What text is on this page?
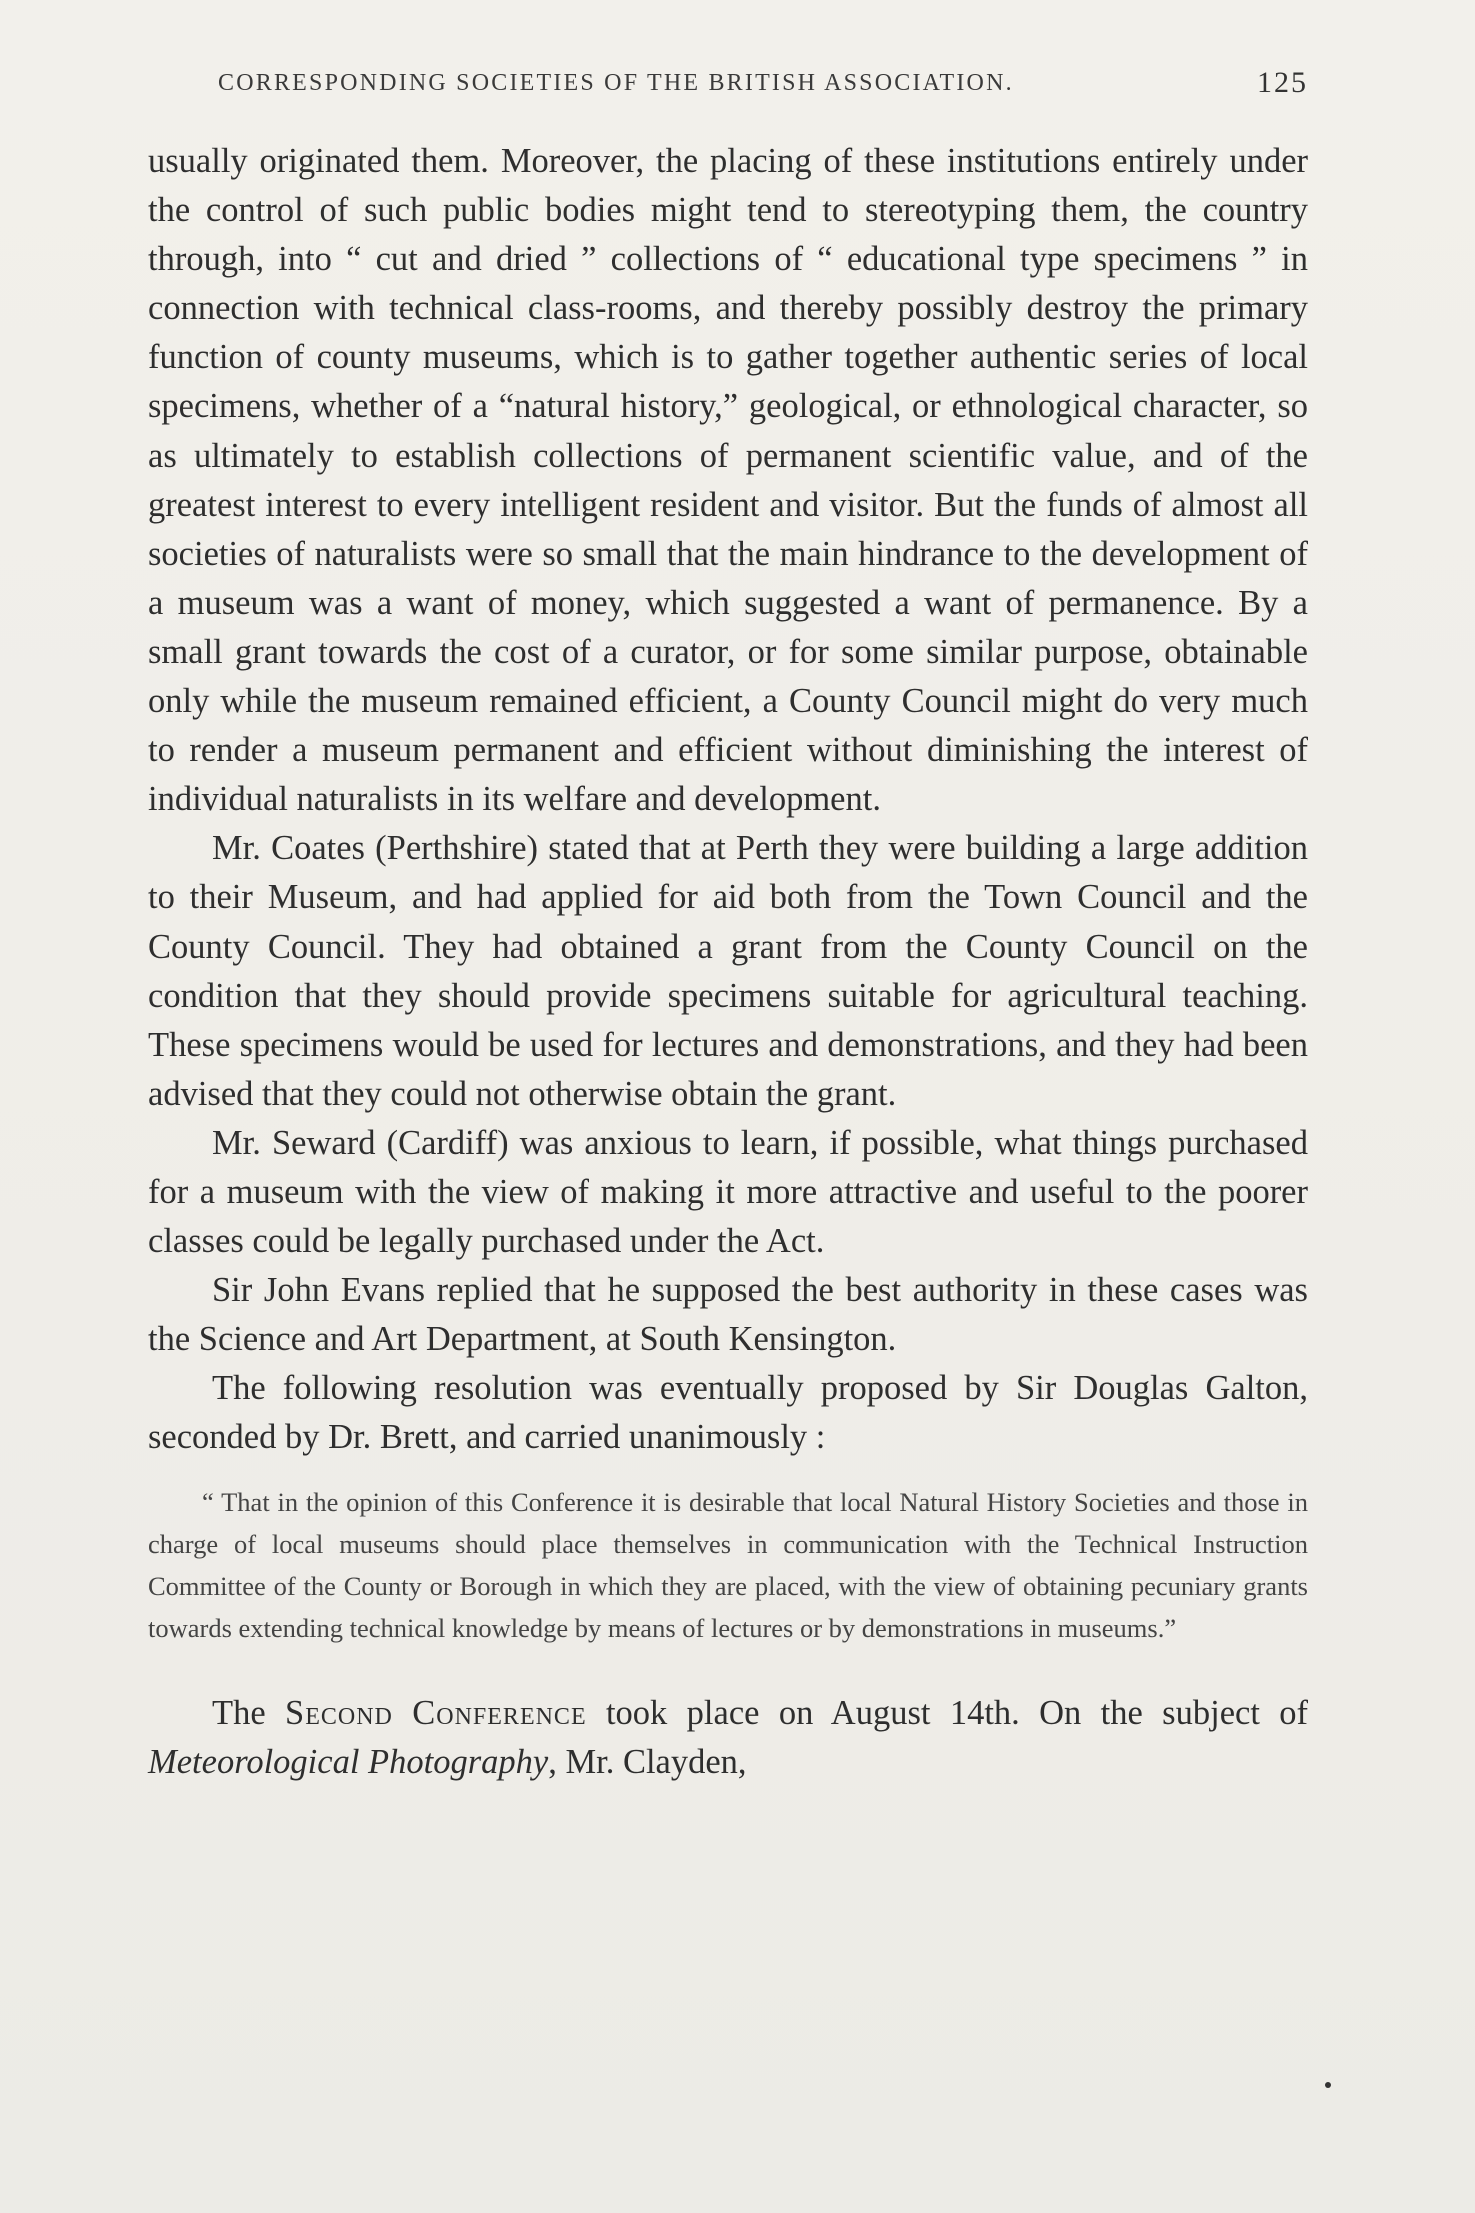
CORRESPONDING SOCIETIES OF THE BRITISH ASSOCIATION.	125

usually originated them. Moreover, the placing of these institutions entirely under the control of such public bodies might tend to stereotyping them, the country through, into “ cut and dried ” collections of “ educational type specimens ” in connection with technical class-rooms, and thereby possibly destroy the primary function of county museums, which is to gather together authentic series of local specimens, whether of a “natural history,” geological, or ethnological character, so as ultimately to establish collections of permanent scientific value, and of the greatest interest to every intelligent resident and visitor. But the funds of almost all societies of naturalists were so small that the main hindrance to the development of a museum was a want of money, which suggested a want of permanence. By a small grant towards the cost of a curator, or for some similar purpose, obtainable only while the museum remained efficient, a County Council might do very much to render a museum permanent and efficient without diminishing the interest of individual naturalists in its welfare and development.

Mr. Coates (Perthshire) stated that at Perth they were building a large addition to their Museum, and had applied for aid both from the Town Council and the County Council. They had obtained a grant from the County Council on the condition that they should provide specimens suitable for agricultural teaching. These specimens would be used for lectures and demonstrations, and they had been advised that they could not otherwise obtain the grant.

Mr. Seward (Cardiff) was anxious to learn, if possible, what things purchased for a museum with the view of making it more attractive and useful to the poorer classes could be legally purchased under the Act.

Sir John Evans replied that he supposed the best authority in these cases was the Science and Art Department, at South Kensington.

The following resolution was eventually proposed by Sir Douglas Galton, seconded by Dr. Brett, and carried unanimously :

“ That in the opinion of this Conference it is desirable that local Natural History Societies and those in charge of local museums should place themselves in communication with the Technical Instruction Committee of the County or Borough in which they are placed, with the view of obtaining pecuniary grants towards extending technical knowledge by means of lectures or by demonstrations in museums.”

The Second Conference took place on August 14th. On the subject of Meteorological Photography, Mr. Clayden,
